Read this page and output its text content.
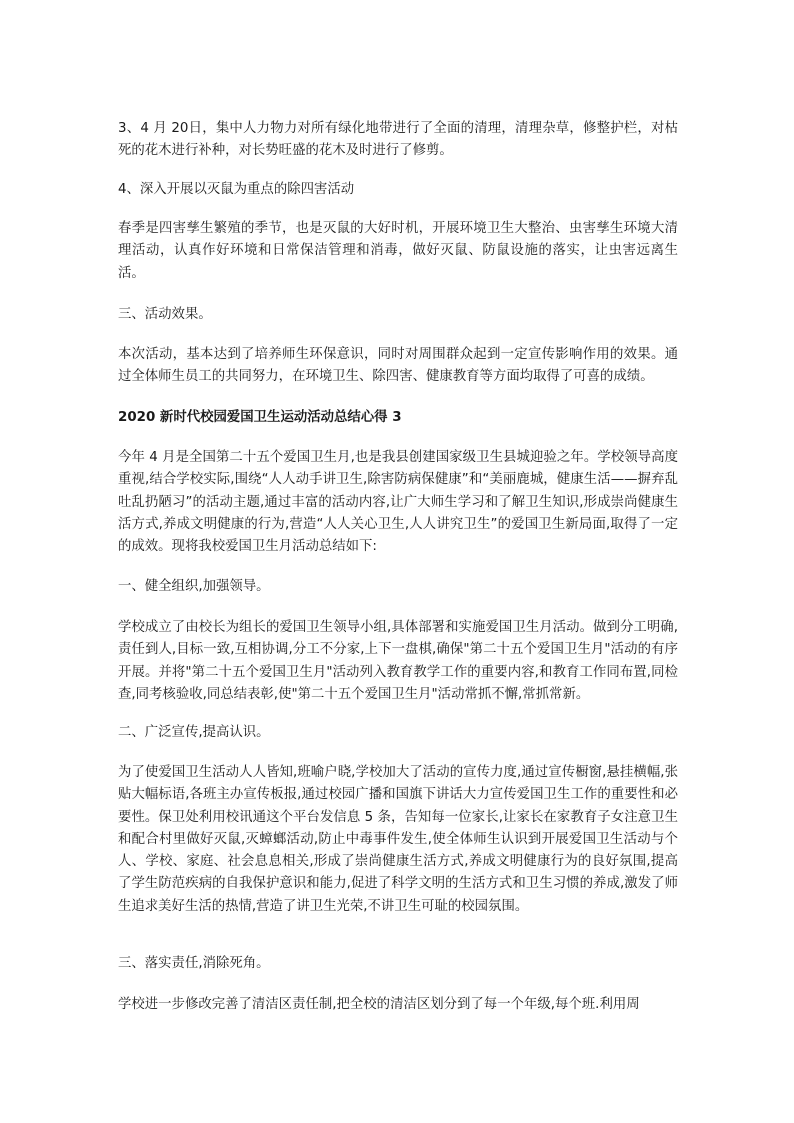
3、4 月 20日，集中人力物力对所有绿化地带进行了全面的清理，清理杂草，修整护栏，对枯死的花木进行补种，对长势旺盛的花木及时进行了修剪。

4、深入开展以灭鼠为重点的除四害活动

春季是四害孳生繁殖的季节，也是灭鼠的大好时机，开展环境卫生大整治、虫害孳生环境大清理活动，认真作好环境和日常保洁管理和消毒，做好灭鼠、防鼠设施的落实，让虫害远离生活。

三、活动效果。

本次活动，基本达到了培养师生环保意识，同时对周围群众起到一定宣传影响作用的效果。通过全体师生员工的共同努力，在环境卫生、除四害、健康教育等方面均取得了可喜的成绩。

2020 新时代校园爱国卫生运动活动总结心得 3

今年 4 月是全国第二十五个爱国卫生月,也是我县创建国家级卫生县城迎验之年。学校领导高度重视,结合学校实际,围绕“人人动手讲卫生,除害防病保健康”和“美丽鹿城，健康生活——摒弃乱吐乱扔陋习”的活动主题,通过丰富的活动内容,让广大师生学习和了解卫生知识,形成崇尚健康生活方式,养成文明健康的行为,营造“人人关心卫生,人人讲究卫生”的爱国卫生新局面,取得了一定的成效。现将我校爱国卫生月活动总结如下:

一、健全组织,加强领导。

学校成立了由校长为组长的爱国卫生领导小组,具体部署和实施爱国卫生月活动。做到分工明确,责任到人,目标一致,互相协调,分工不分家,上下一盘棋,确保"第二十五个爱国卫生月"活动的有序开展。并将"第二十五个爱国卫生月"活动列入教育教学工作的重要内容,和教育工作同布置,同检查,同考核验收,同总结表彰,使"第二十五个爱国卫生月"活动常抓不懈,常抓常新。

二、广泛宣传,提高认识。

为了使爱国卫生活动人人皆知,班喻户晓,学校加大了活动的宣传力度,通过宣传橱窗,悬挂横幅,张贴大幅标语,各班主办宣传板报,通过校园广播和国旗下讲话大力宣传爱国卫生工作的重要性和必要性。保卫处利用校讯通这个平台发信息 5 条，告知每一位家长,让家长在家教育子女注意卫生和配合村里做好灭鼠,灭蟑螂活动,防止中毒事件发生,使全体师生认识到开展爱国卫生活动与个人、学校、家庭、社会息息相关,形成了崇尚健康生活方式,养成文明健康行为的良好氛围,提高了学生防范疾病的自我保护意识和能力,促进了科学文明的生活方式和卫生习惯的养成,激发了师生追求美好生活的热情,营造了讲卫生光荣,不讲卫生可耻的校园氛围。

三、落实责任,消除死角。

学校进一步修改完善了清洁区责任制,把全校的清洁区划分到了每一个年级,每个班.利用周
